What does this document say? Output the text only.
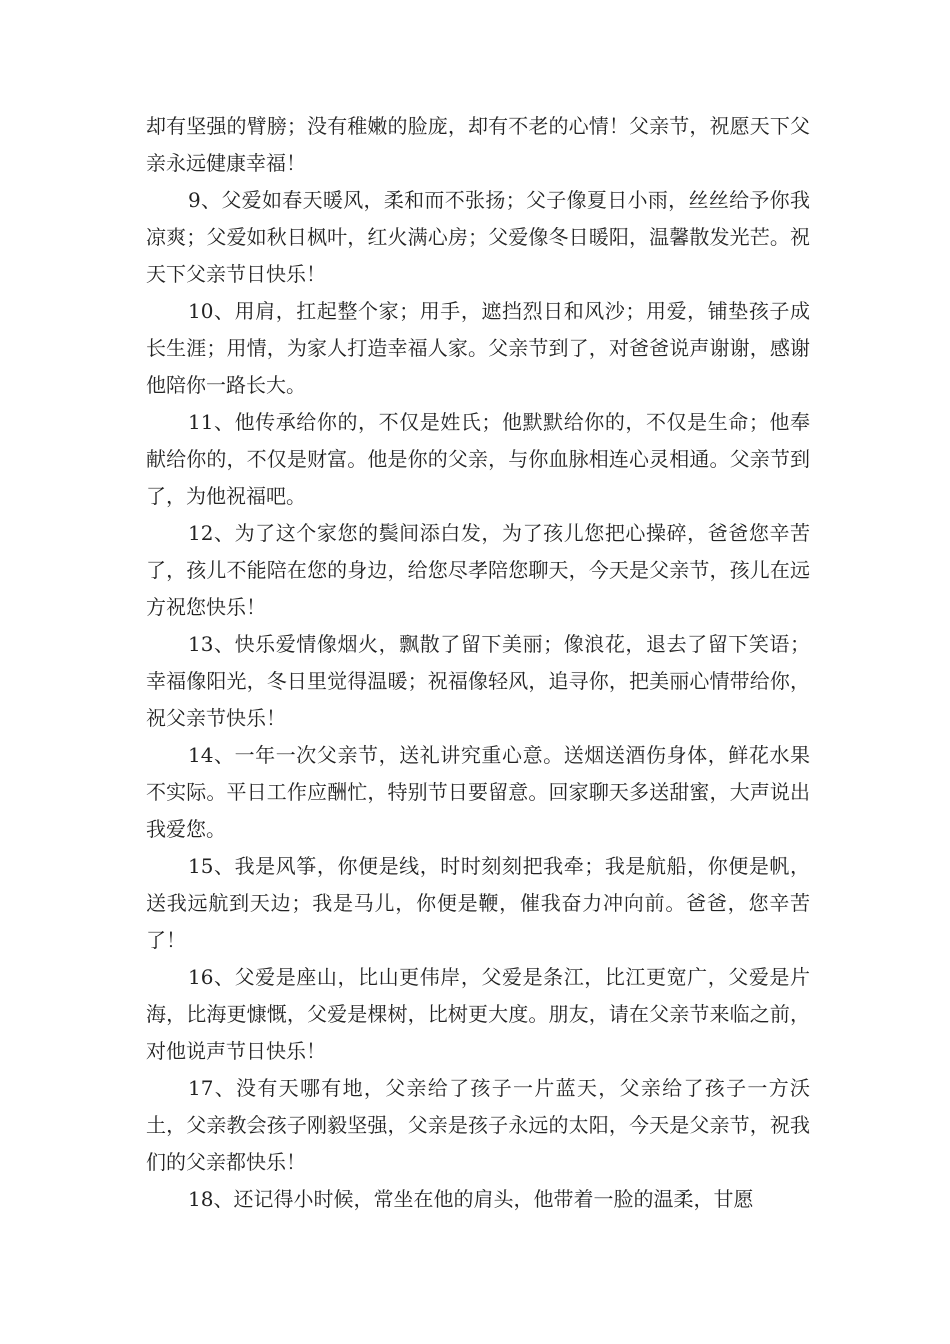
却有坚强的臂膀；没有稚嫩的脸庞，却有不老的心情！父亲节，祝愿天下父亲永远健康幸福！

9、父爱如春天暖风，柔和而不张扬；父子像夏日小雨，丝丝给予你我凉爽；父爱如秋日枫叶，红火满心房；父爱像冬日暖阳，温馨散发光芒。祝天下父亲节日快乐！

10、用肩，扛起整个家；用手，遮挡烈日和风沙；用爱，铺垫孩子成长生涯；用情，为家人打造幸福人家。父亲节到了，对爸爸说声谢谢，感谢他陪你一路长大。

11、他传承给你的，不仅是姓氏；他默默给你的，不仅是生命；他奉献给你的，不仅是财富。他是你的父亲，与你血脉相连心灵相通。父亲节到了，为他祝福吧。

12、为了这个家您的鬓间添白发，为了孩儿您把心操碎，爸爸您辛苦了，孩儿不能陪在您的身边，给您尽孝陪您聊天，今天是父亲节，孩儿在远方祝您快乐！

13、快乐爱情像烟火，飘散了留下美丽；像浪花，退去了留下笑语；幸福像阳光，冬日里觉得温暖；祝福像轻风，追寻你，把美丽心情带给你，祝父亲节快乐！

14、一年一次父亲节，送礼讲究重心意。送烟送酒伤身体，鲜花水果不实际。平日工作应酬忙，特别节日要留意。回家聊天多送甜蜜，大声说出我爱您。

15、我是风筝，你便是线，时时刻刻把我牵；我是航船，你便是帆，送我远航到天边；我是马儿，你便是鞭，催我奋力冲向前。爸爸，您辛苦了！

16、父爱是座山，比山更伟岸，父爱是条江，比江更宽广，父爱是片海，比海更慷慨，父爱是棵树，比树更大度。朋友，请在父亲节来临之前，对他说声节日快乐！

17、没有天哪有地，父亲给了孩子一片蓝天，父亲给了孩子一方沃土，父亲教会孩子刚毅坚强，父亲是孩子永远的太阳，今天是父亲节，祝我们的父亲都快乐！

18、还记得小时候，常坐在他的肩头，他带着一脸的温柔，甘愿
